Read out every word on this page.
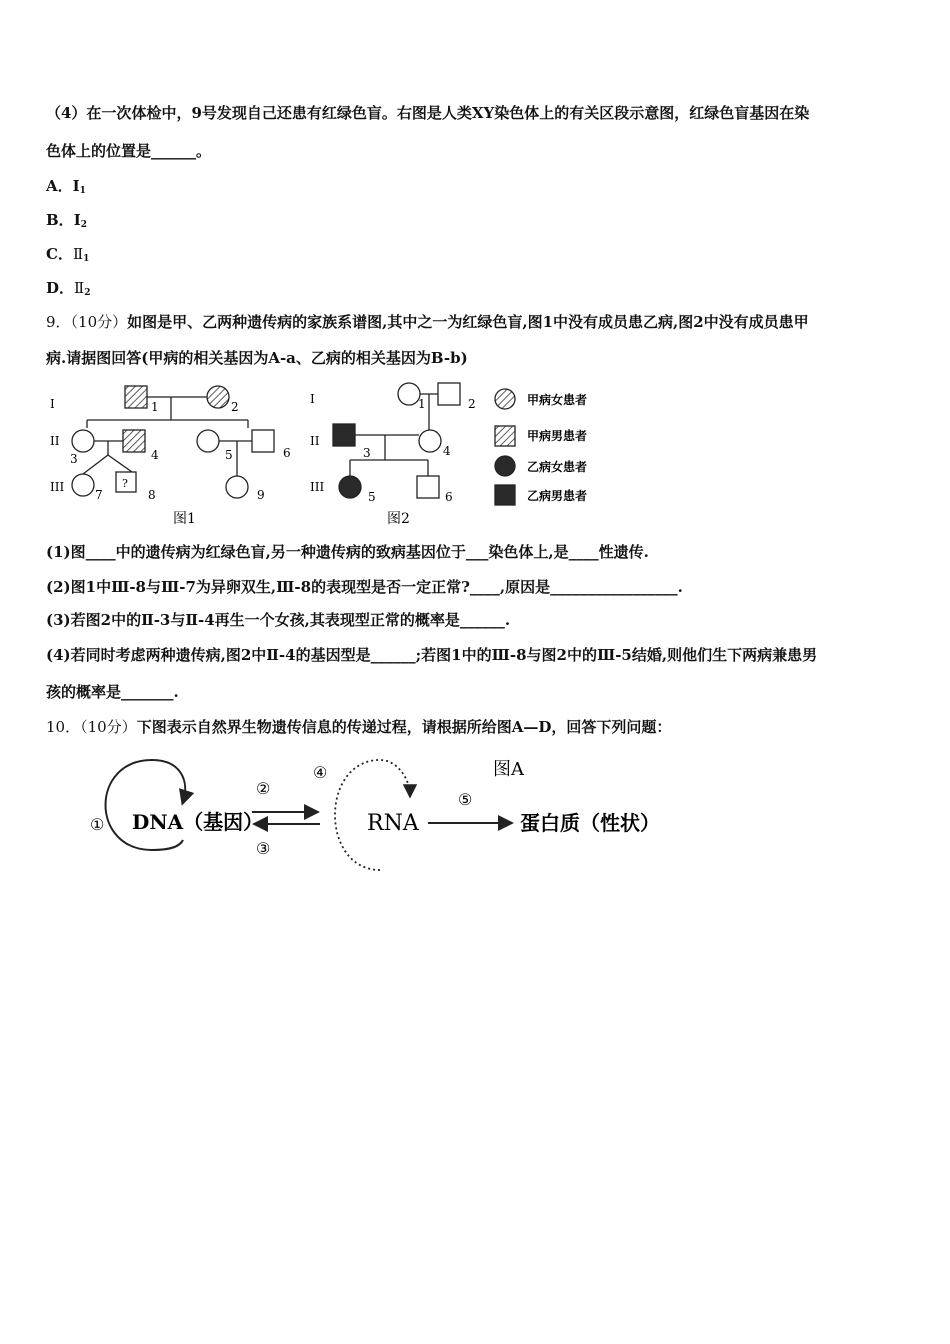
（4）在一次体检中，9号发现自己还患有红绿色盲。右图是人类XY染色体上的有关区段示意图，红绿色盲基因在染
色体上的位置是______。
A．$I_1$
B．$I_2$
C．$Ⅱ_1$
D．$Ⅱ_2$
9．（10分）如图是甲、乙两种遗传病的家族系谱图,其中之一为红绿色盲,图1中没有成员患乙病,图2中没有成员患甲
病.请据图回答(甲病的相关基因为A-a、乙病的相关基因为B-b)
I
II
III
I
II
III
1	2
3	4	5	6
7	8	9
?
1	2
3	4
5	6
图1	图2
甲病女患者
甲病男患者
乙病女患者
乙病男患者
(1)图____中的遗传病为红绿色盲,另一种遗传病的致病基因位于___染色体上,是____性遗传.
(2)图1中Ⅲ-8与Ⅲ-7为异卵双生,Ⅲ-8的表现型是否一定正常?____,原因是_________________.
(3)若图2中的Ⅱ-3与Ⅱ-4再生一个女孩,其表现型正常的概率是______.
(4)若同时考虑两种遗传病,图2中Ⅱ-4的基因型是______;若图1中的Ⅲ-8与图2中的Ⅲ-5结婚,则他们生下两病兼患男
孩的概率是_______.
10．（10分）下图表示自然界生物遗传信息的传递过程，请根据所给图A—D，回答下列问题：
图A
① DNA（基因）
②
③
④
RNA
⑤
蛋白质（性状）
